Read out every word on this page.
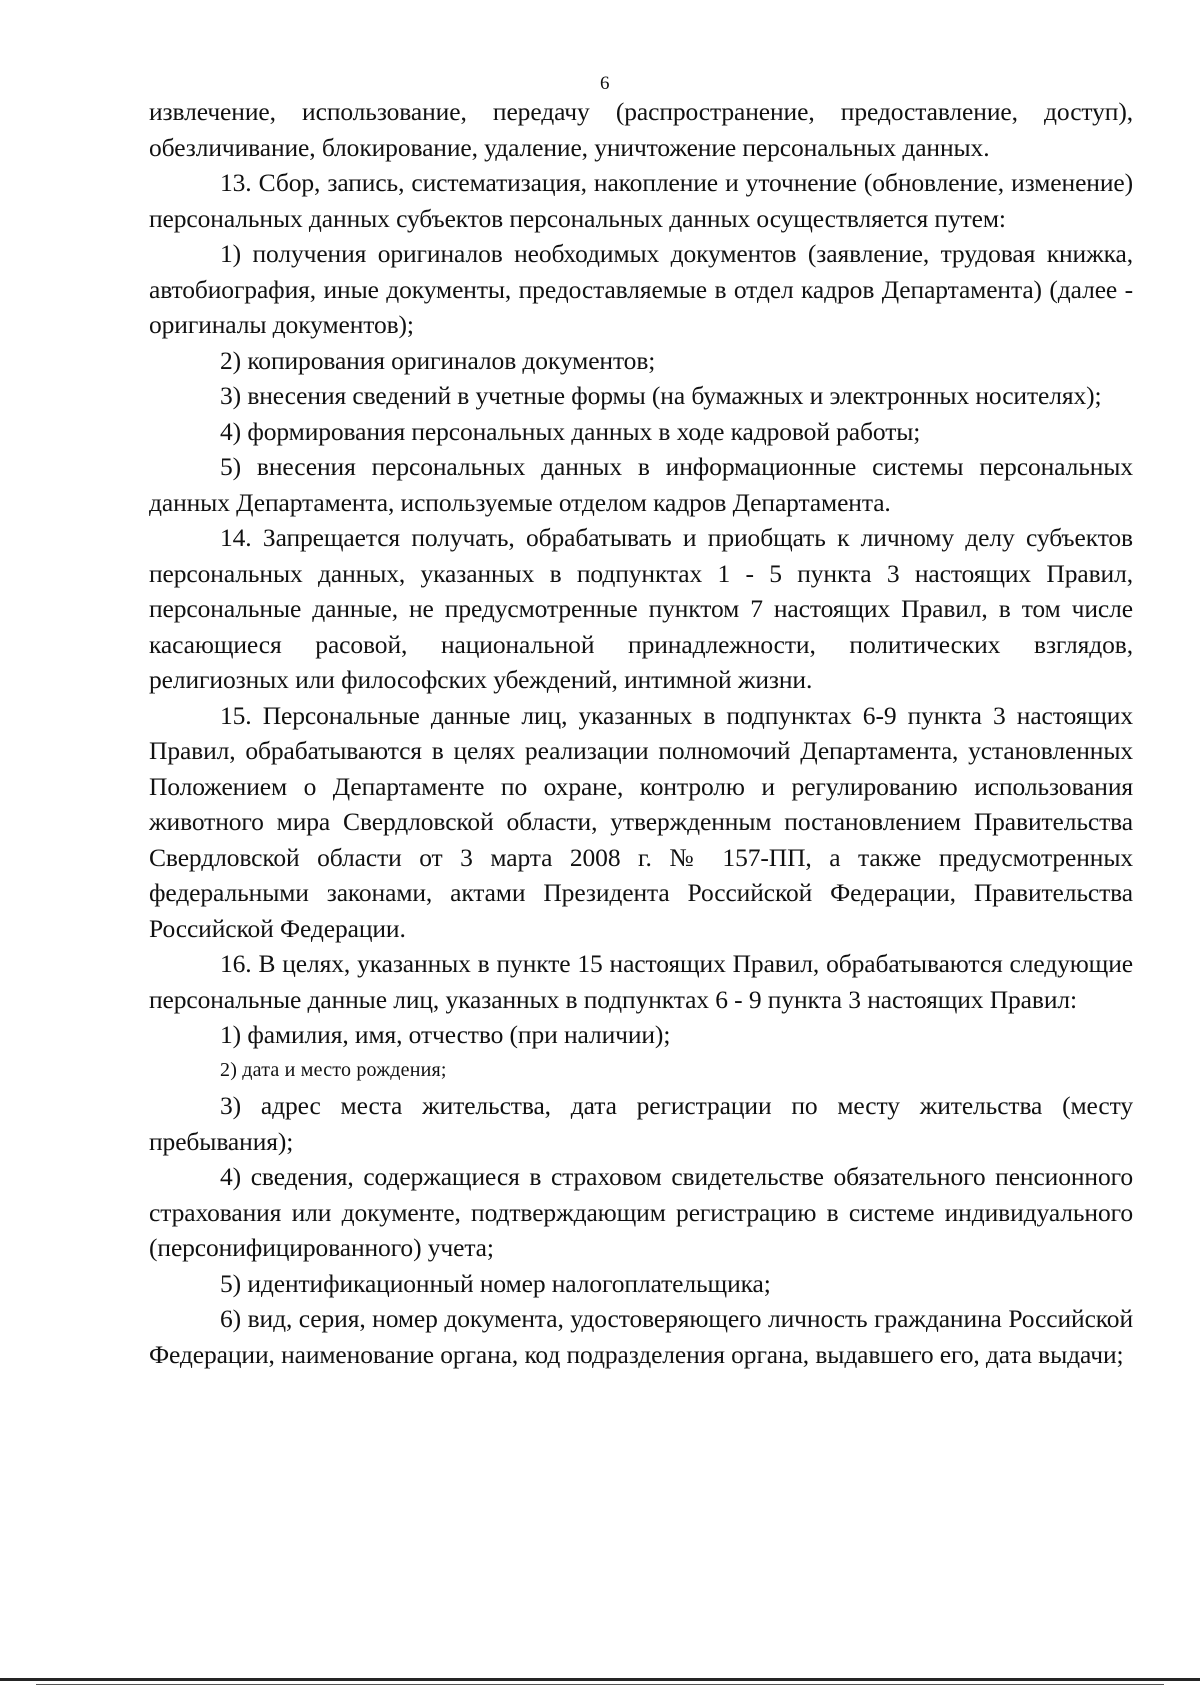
6

извлечение, использование, передачу (распространение, предоставление, доступ), обезличивание, блокирование, удаление, уничтожение персональных данных.

13. Сбор, запись, систематизация, накопление и уточнение (обновление, изменение) персональных данных субъектов персональных данных осуществляется путем:

1) получения оригиналов необходимых документов (заявление, трудовая книжка, автобиография, иные документы, предоставляемые в отдел кадров Департамента) (далее - оригиналы документов);

2) копирования оригиналов документов;

3) внесения сведений в учетные формы (на бумажных и электронных носителях);

4) формирования персональных данных в ходе кадровой работы;

5) внесения персональных данных в информационные системы персональных данных Департамента, используемые отделом кадров Департамента.

14. Запрещается получать, обрабатывать и приобщать к личному делу субъектов персональных данных, указанных в подпунктах 1 - 5 пункта 3 настоящих Правил, персональные данные, не предусмотренные пунктом 7 настоящих Правил, в том числе касающиеся расовой, национальной принадлежности, политических взглядов, религиозных или философских убеждений, интимной жизни.

15. Персональные данные лиц, указанных в подпунктах 6-9 пункта 3 настоящих Правил, обрабатываются в целях реализации полномочий Департамента, установленных Положением о Департаменте по охране, контролю и регулированию использования животного мира Свердловской области, утвержденным постановлением Правительства Свердловской области от 3 марта 2008 г. № 157-ПП, а также предусмотренных федеральными законами, актами Президента Российской Федерации, Правительства Российской Федерации.

16. В целях, указанных в пункте 15 настоящих Правил, обрабатываются следующие персональные данные лиц, указанных в подпунктах 6 - 9 пункта 3 настоящих Правил:

1) фамилия, имя, отчество (при наличии);

2) дата и место рождения;

3) адрес места жительства, дата регистрации по месту жительства (месту пребывания);

4) сведения, содержащиеся в страховом свидетельстве обязательного пенсионного страхования или документе, подтверждающим регистрацию в системе индивидуального (персонифицированного) учета;

5) идентификационный номер налогоплательщика;

6) вид, серия, номер документа, удостоверяющего личность гражданина Российской Федерации, наименование органа, код подразделения органа, выдавшего его, дата выдачи;
